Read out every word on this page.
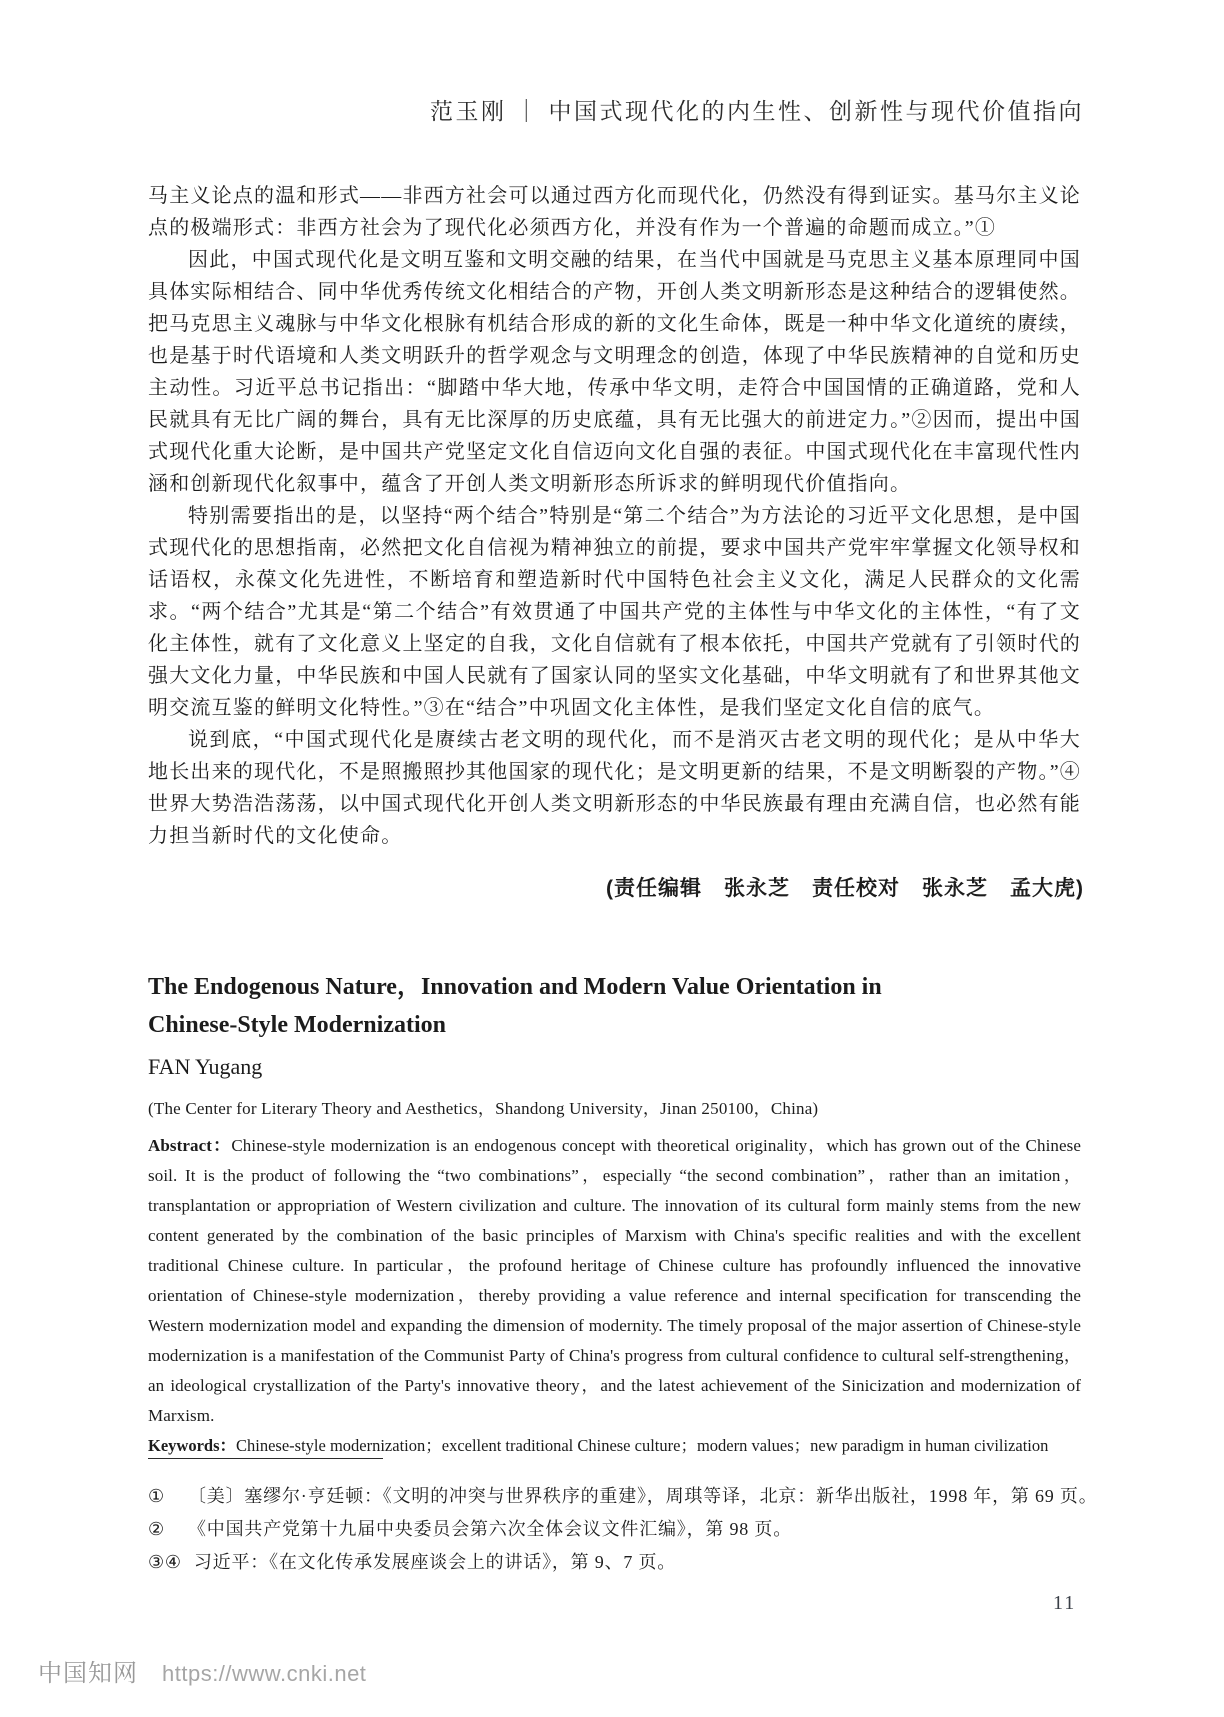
范玉刚 ｜ 中国式现代化的内生性、创新性与现代价值指向

马主义论点的温和形式——非西方社会可以通过西方化而现代化，仍然没有得到证实。基马尔主义论点的极端形式：非西方社会为了现代化必须西方化，并没有作为一个普遍的命题而成立。”①

因此，中国式现代化是文明互鉴和文明交融的结果，在当代中国就是马克思主义基本原理同中国具体实际相结合、同中华优秀传统文化相结合的产物，开创人类文明新形态是这种结合的逻辑使然。把马克思主义魂脉与中华文化根脉有机结合形成的新的文化生命体，既是一种中华文化道统的赓续，也是基于时代语境和人类文明跃升的哲学观念与文明理念的创造，体现了中华民族精神的自觉和历史主动性。习近平总书记指出：“脚踏中华大地，传承中华文明，走符合中国国情的正确道路，党和人民就具有无比广阔的舞台，具有无比深厚的历史底蕴，具有无比强大的前进定力。”②因而，提出中国式现代化重大论断，是中国共产党坚定文化自信迈向文化自强的表征。中国式现代化在丰富现代性内涵和创新现代化叙事中，蕴含了开创人类文明新形态所诉求的鲜明现代价值指向。

特别需要指出的是，以坚持“两个结合”特别是“第二个结合”为方法论的习近平文化思想，是中国式现代化的思想指南，必然把文化自信视为精神独立的前提，要求中国共产党牢牢掌握文化领导权和话语权，永葆文化先进性，不断培育和塑造新时代中国特色社会主义文化，满足人民群众的文化需求。“两个结合”尤其是“第二个结合”有效贯通了中国共产党的主体性与中华文化的主体性，“有了文化主体性，就有了文化意义上坚定的自我，文化自信就有了根本依托，中国共产党就有了引领时代的强大文化力量，中华民族和中国人民就有了国家认同的坚实文化基础，中华文明就有了和世界其他文明交流互鉴的鲜明文化特性。”③在“结合”中巩固文化主体性，是我们坚定文化自信的底气。

说到底，“中国式现代化是赓续古老文明的现代化，而不是消灭古老文明的现代化；是从中华大地长出来的现代化，不是照搬照抄其他国家的现代化；是文明更新的结果，不是文明断裂的产物。”④世界大势浩浩荡荡，以中国式现代化开创人类文明新形态的中华民族最有理由充满自信，也必然有能力担当新时代的文化使命。

(责任编辑　张永芝　责任校对　张永芝　孟大虎)
The Endogenous Nature，Innovation and Modern Value Orientation in
Chinese-Style Modernization
FAN Yugang
(The Center for Literary Theory and Aesthetics，Shandong University，Jinan 250100，China)
Abstract：Chinese-style modernization is an endogenous concept with theoretical originality，which has grown out of the Chinese soil. It is the product of following the “two combinations”，especially “the second combination”，rather than an imitation，transplantation or appropriation of Western civilization and culture. The innovation of its cultural form mainly stems from the new content generated by the combination of the basic principles of Marxism with China's specific realities and with the excellent traditional Chinese culture. In particular，the profound heritage of Chinese culture has profoundly influenced the innovative orientation of Chinese-style modernization，thereby providing a value reference and internal specification for transcending the Western modernization model and expanding the dimension of modernity. The timely proposal of the major assertion of Chinese-style modernization is a manifestation of the Communist Party of China's progress from cultural confidence to cultural self-strengthening，an ideological crystallization of the Party's innovative theory，and the latest achievement of the Sinicization and modernization of Marxism.
Keywords：Chinese-style modernization；excellent traditional Chinese culture；modern values；new paradigm in human civilization
① 〔美〕塞缪尔·亨廷顿：《文明的冲突与世界秩序的重建》，周琪等译，北京：新华出版社，1998 年，第 69 页。
② 《中国共产党第十九届中央委员会第六次全体会议文件汇编》，第 98 页。
③④ 习近平：《在文化传承发展座谈会上的讲话》，第 9、7 页。
11
中国知网 https://www.cnki.net
